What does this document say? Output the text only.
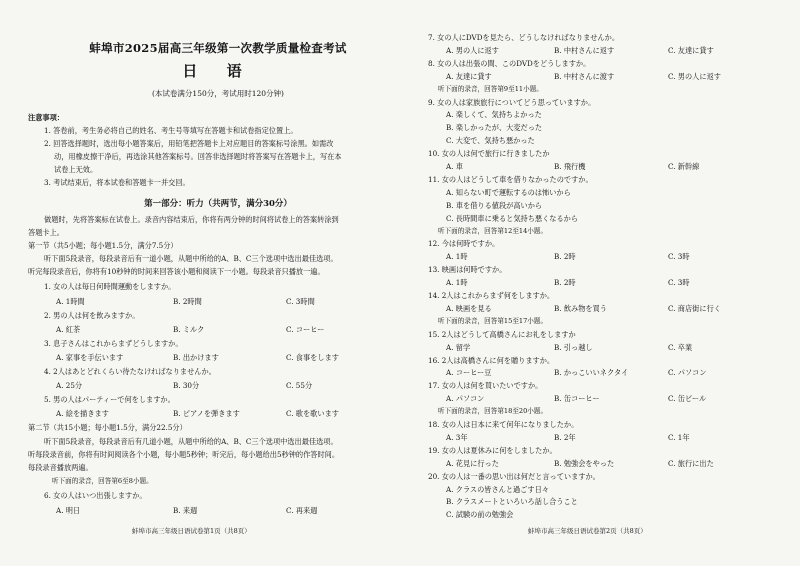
蚌埠市2025届高三年级第一次教学质量检查考试
日 语
(本试卷满分150分，考试用时120分钟)
注意事项：
1. 答卷前，考生务必将自己的姓名、考生号等填写在答题卡和试卷指定位置上。
2. 回答选择题时，选出每小题答案后，用铅笔把答题卡上对应题目的答案标号涂黑。如需改
动，用橡皮擦干净后，再选涂其他答案标号。回答非选择题时将答案写在答题卡上，写在本
试卷上无效。
3. 考试结束后，将本试卷和答题卡一并交回。
第一部分：听力（共两节，满分30分）
做题时，先将答案标在试卷上。录音内容结束后，你将有两分钟的时间将试卷上的答案转涂到
答题卡上。
第一节（共5小题；每小题1.5分，满分7.5分）
听下面5段录音，每段录音后有一道小题，从题中所给的A、B、C三个选项中选出最佳选项。
听完每段录音后，你将有10秒钟的时间来回答该小题和阅读下一小题。每段录音只播放一遍。
1. 女の人は毎日何時間運動をしますか。
A. 1時間	B. 2時間	C. 3時間
2. 男の人は何を飲みますか。
A. 紅茶	B. ミルク	C. コーヒー
3. 息子さんはこれからまずどうしますか。
A. 家事を手伝います	B. 出かけます	C. 食事をします
4. 2人はあとどれくらい待たなければなりませんか。
A. 25分	B. 30分	C. 55分
5. 男の人はパーティーで何をしますか。
A. 絵を描きます	B. ピアノを弾きます	C. 歌を歌います
第二节（共15小题；每小题1.5分，满分22.5分）
听下面5段录音，每段录音后有几道小题，从题中所给的A、B、C三个选项中选出最佳选项。
听每段录音前，你将有时间阅读各个小题，每小题5秒钟；听完后，每小题给出5秒钟的作答时间。
每段录音播放两遍。
听下面的录音，回答第6至8小题。
6. 女の人はいつ出張しますか。
A. 明日	B. 来週	C. 再来週
蚌埠市高三年级日语试卷第1页（共8页）
7. 女の人にDVDを見たら、どうしなければなりませんか。
A. 男の人に返す	B. 中村さんに返す	C. 友達に貸す
8. 女の人は出張の間、このDVDをどうしますか。
A. 友達に貸す	B. 中村さんに渡す	C. 男の人に返す
听下面的录音，回答第9至11小题。
9. 女の人は家族旅行についてどう思っていますか。
A. 楽しくて、気持ちよかった
B. 楽しかったが、大変だった
C. 大変で、気持ち悪かった
10. 女の人は何で旅行に行きましたか
A. 車	B. 飛行機	C. 新幹線
11. 女の人はどうして車を借りなかったのですか。
A. 知らない町で運転するのは怖いから
B. 車を借りる値段が高いから
C. 長時間車に乗ると気持ち悪くなるから
听下面的录音，回答第12至14小题。
12. 今は何時ですか。
A. 1時	B. 2時	C. 3時
13. 映画は何時ですか。
A. 1時	B. 2時	C. 3時
14. 2人はこれからまず何をしますか。
A. 映画を見る	B. 飲み物を買う	C. 商店街に行く
听下面的录音，回答第15至17小题。
15. 2人はどうして高橋さんにお礼をしますか
A. 留学	B. 引っ越し	C. 卒業
16. 2人は高橋さんに何を贈りますか。
A. コーヒー豆	B. かっこいいネクタイ	C. パソコン
17. 女の人は何を買いたいですか。
A. パソコン	B. 缶コーヒー	C. 缶ビール
听下面的录音，回答第18至20小题。
18. 女の人は日本に来て何年になりましたか。
A. 3年	B. 2年	C. 1年
19. 女の人は夏休みに何をしましたか。
A. 花見に行った	B. 勉強会をやった	C. 旅行に出た
20. 女の人は一番の思い出は何だと言っていますか。
A. クラスの皆さんと過ごす日々
B. クラスメートといろいろ話し合うこと
C. 試験の前の勉強会
蚌埠市高三年级日语试卷第2页（共8页）
